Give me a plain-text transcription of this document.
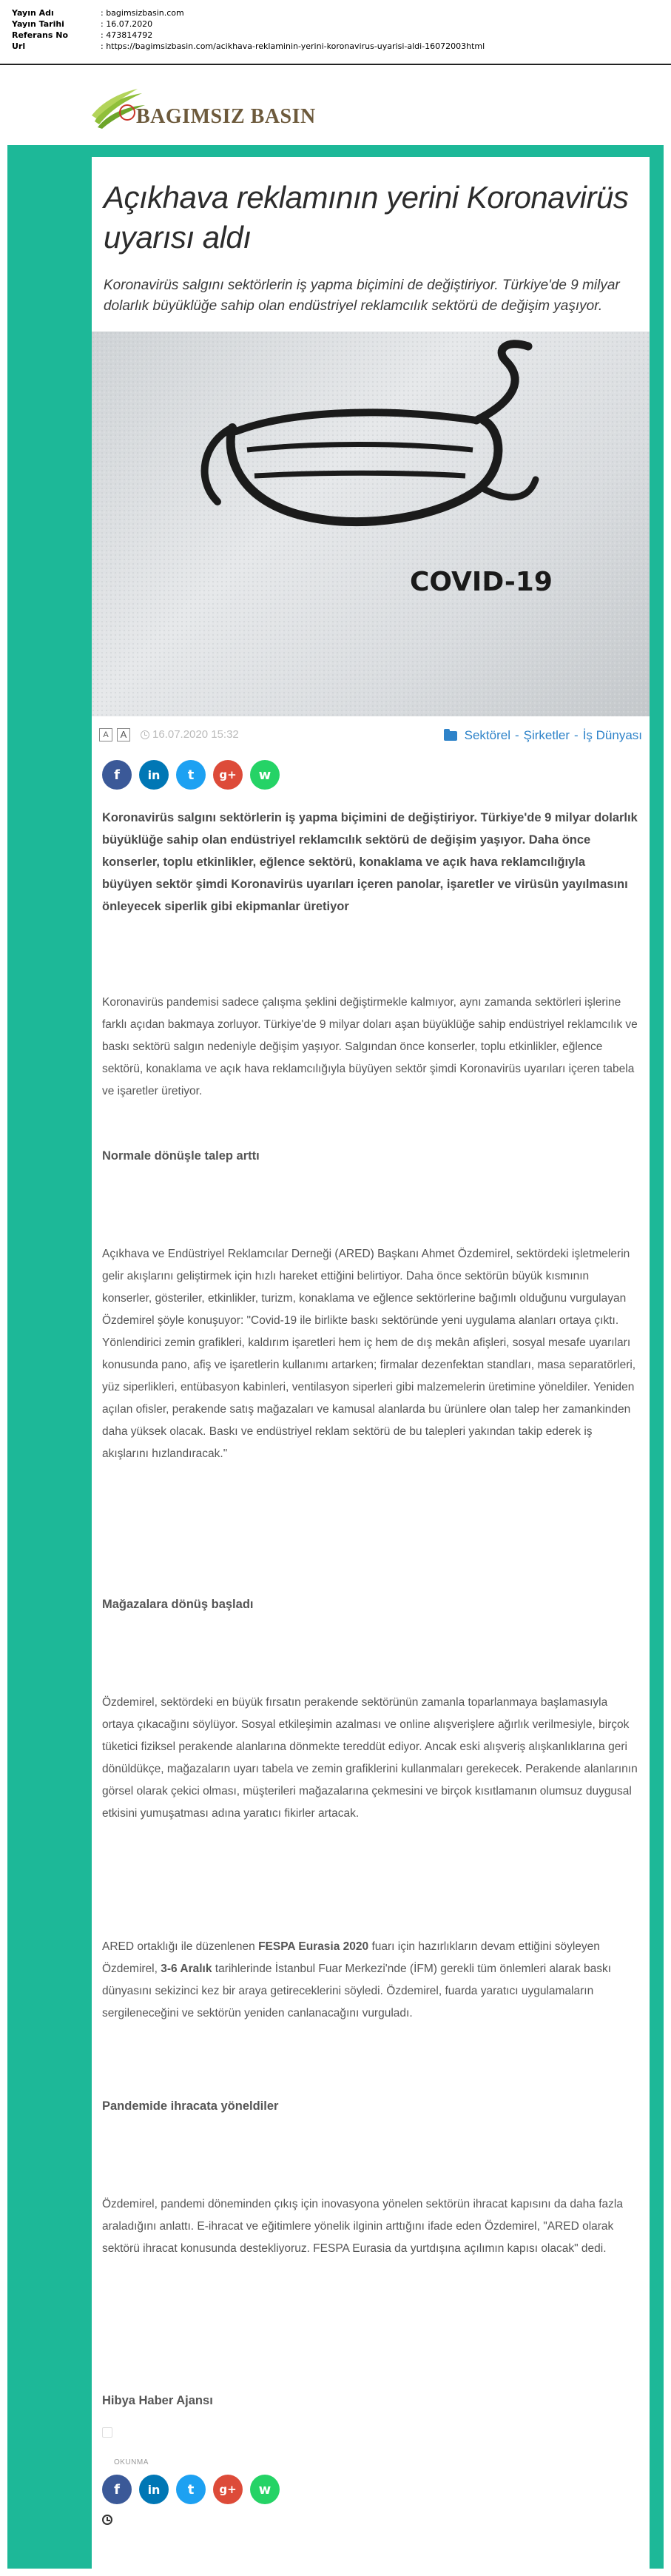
Yayın Adı	: bagimsizbasin.com
Yayın Tarihi	: 16.07.2020
Referans No	: 473814792
Url	: https://bagimsizbasin.com/acikhava-reklaminin-yerini-koronavirus-uyarisi-aldi-16072003html
BAGIMSIZ BASIN
Açıkhava reklamının yerini Koronavirüs uyarısı aldı

Koronavirüs salgını sektörlerin iş yapma biçimini de değiştiriyor. Türkiye'de 9 milyar dolarlık büyüklüğe sahip olan endüstriyel reklamcılık sektörü de değişim yaşıyor.

COVID-19
A	A	16.07.2020 15:32	Sektörel - Şirketler - İş Dünyası
f	in	t	g+	w

Koronavirüs salgını sektörlerin iş yapma biçimini de değiştiriyor. Türkiye'de 9 milyar dolarlık büyüklüğe sahip olan endüstriyel reklamcılık sektörü de değişim yaşıyor. Daha önce konserler, toplu etkinlikler, eğlence sektörü, konaklama ve açık hava reklamcılığıyla büyüyen sektör şimdi Koronavirüs uyarıları içeren panolar, işaretler ve virüsün yayılmasını önleyecek siperlik gibi ekipmanlar üretiyor

Koronavirüs pandemisi sadece çalışma şeklini değiştirmekle kalmıyor, aynı zamanda sektörleri işlerine farklı açıdan bakmaya zorluyor. Türkiye'de 9 milyar doları aşan büyüklüğe sahip endüstriyel reklamcılık ve baskı sektörü salgın nedeniyle değişim yaşıyor. Salgından önce konserler, toplu etkinlikler, eğlence sektörü, konaklama ve açık hava reklamcılığıyla büyüyen sektör şimdi Koronavirüs uyarıları içeren tabela ve işaretler üretiyor.

Normale dönüşle talep arttı

Açıkhava ve Endüstriyel Reklamcılar Derneği (ARED) Başkanı Ahmet Özdemirel, sektördeki işletmelerin gelir akışlarını geliştirmek için hızlı hareket ettiğini belirtiyor. Daha önce sektörün büyük kısmının konserler, gösteriler, etkinlikler, turizm, konaklama ve eğlence sektörlerine bağımlı olduğunu vurgulayan Özdemirel şöyle konuşuyor: "Covid-19 ile birlikte baskı sektöründe yeni uygulama alanları ortaya çıktı. Yönlendirici zemin grafikleri, kaldırım işaretleri hem iç hem de dış mekân afişleri, sosyal mesafe uyarıları konusunda pano, afiş ve işaretlerin kullanımı artarken; firmalar dezenfektan standları, masa separatörleri, yüz siperlikleri, entübasyon kabinleri, ventilasyon siperleri gibi malzemelerin üretimine yöneldiler. Yeniden açılan ofisler, perakende satış mağazaları ve kamusal alanlarda bu ürünlere olan talep her zamankinden daha yüksek olacak. Baskı ve endüstriyel reklam sektörü de bu talepleri yakından takip ederek iş akışlarını hızlandıracak."

Mağazalara dönüş başladı

Özdemirel, sektördeki en büyük fırsatın perakende sektörünün zamanla toparlanmaya başlamasıyla ortaya çıkacağını söylüyor. Sosyal etkileşimin azalması ve online alışverişlere ağırlık verilmesiyle, birçok tüketici fiziksel perakende alanlarına dönmekte tereddüt ediyor. Ancak eski alışveriş alışkanlıklarına geri dönüldükçe, mağazaların uyarı tabela ve zemin grafiklerini kullanmaları gerekecek. Perakende alanlarının görsel olarak çekici olması, müşterileri mağazalarına çekmesini ve birçok kısıtlamanın olumsuz duygusal etkisini yumuşatması adına yaratıcı fikirler artacak.

ARED ortaklığı ile düzenlenen FESPA Eurasia 2020 fuarı için hazırlıkların devam ettiğini söyleyen Özdemirel, 3-6 Aralık tarihlerinde İstanbul Fuar Merkezi'nde (İFM) gerekli tüm önlemleri alarak baskı dünyasını sekizinci kez bir araya getireceklerini söyledi. Özdemirel, fuarda yaratıcı uygulamaların sergileneceğini ve sektörün yeniden canlanacağını vurguladı.

Pandemide ihracata yöneldiler

Özdemirel, pandemi döneminden çıkış için inovasyona yönelen sektörün ihracat kapısını da daha fazla araladığını anlattı. E-ihracat ve eğitimlere yönelik ilginin arttığını ifade eden Özdemirel, "ARED olarak sektörü ihracat konusunda destekliyoruz. FESPA Eurasia da yurtdışına açılımın kapısı olacak" dedi.

Hibya Haber Ajansı
OKUNMA
f	in	t	g+	w
